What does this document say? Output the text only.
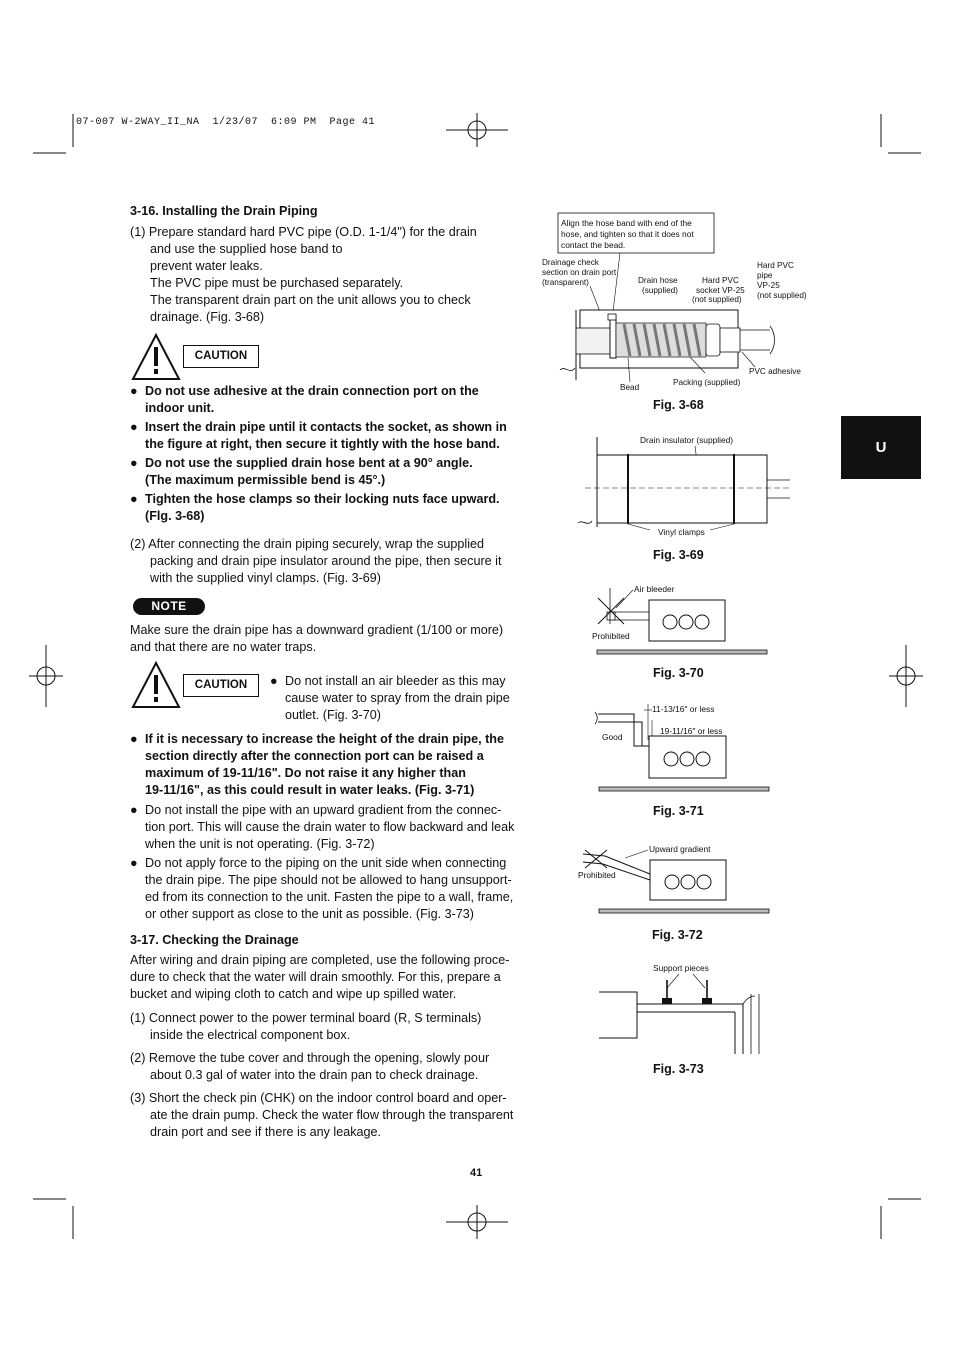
07-007 W-2WAY_II_NA  1/23/07  6:09 PM  Page 41
U
3-16. Installing the Drain Piping
(1) Prepare standard hard PVC pipe (O.D. 1-1/4") for the drain
and use the supplied hose band to
prevent water leaks.
The PVC pipe must be purchased separately.
The transparent drain part on the unit allows you to check
drainage. (Fig. 3-68)
CAUTION
● Do not use adhesive at the drain connection port on the
indoor unit.
● Insert the drain pipe until it contacts the socket, as shown in
the figure at right, then secure it tightly with the hose band.
● Do not use the supplied drain hose bent at a 90° angle.
(The maximum permissible bend is 45°.)
● Tighten the hose clamps so their locking nuts face upward.
(Flg. 3-68)
(2) After connecting the drain piping securely, wrap the supplied
packing and drain pipe insulator around the pipe, then secure it
with the supplied vinyl clamps. (Fig. 3-69)
NOTE
Make sure the drain pipe has a downward gradient (1/100 or more)
and that there are no water traps.
CAUTION	● Do not install an air bleeder as this may
cause water to spray from the drain pipe
outlet. (Fig. 3-70)
● If it is necessary to increase the height of the drain pipe, the
section directly after the connection port can be raised a
maximum of 19-11/16". Do not raise it any higher than
19-11/16", as this could result in water leaks. (Fig. 3-71)
● Do not install the pipe with an upward gradient from the connec-
tion port. This will cause the drain water to flow backward and leak
when the unit is not operating. (Fig. 3-72)
● Do not apply force to the piping on the unit side when connecting
the drain pipe. The pipe should not be allowed to hang unsupport-
ed from its connection to the unit. Fasten the pipe to a wall, frame,
or other support as close to the unit as possible. (Fig. 3-73)
3-17. Checking the Drainage
After wiring and drain piping are completed, use the following proce-
dure to check that the water will drain smoothly. For this, prepare a
bucket and wiping cloth to catch and wipe up spilled water.
(1) Connect power to the power terminal board (R, S terminals)
inside the electrical component box.
(2) Remove the tube cover and through the opening, slowly pour
about 0.3 gal of water into the drain pan to check drainage.
(3) Short the check pin (CHK) on the indoor control board and oper-
ate the drain pump. Check the water flow through the transparent
drain port and see if there is any leakage.
41
Align the hose band with end of the hose, and tighten so that it does not contact the bead.
Drainage check section on drain port (transparent)	Drain hose (supplied)
Hard PVC socket VP-25 (not supplied)
Hard PVC pipe VP-25 (not supplied)
Bead
Packing (supplied)
PVC adhesive
Fig. 3-68
Drain insulator (supplied)
Vinyl clamps
Fig. 3-69
Air bleeder
Prohibited
Fig. 3-70
11-13/16" or less
19-11/16" or less
Good
Fig. 3-71
Upward gradient
Prohibited
Fig. 3-72
Support pieces
Fig. 3-73
